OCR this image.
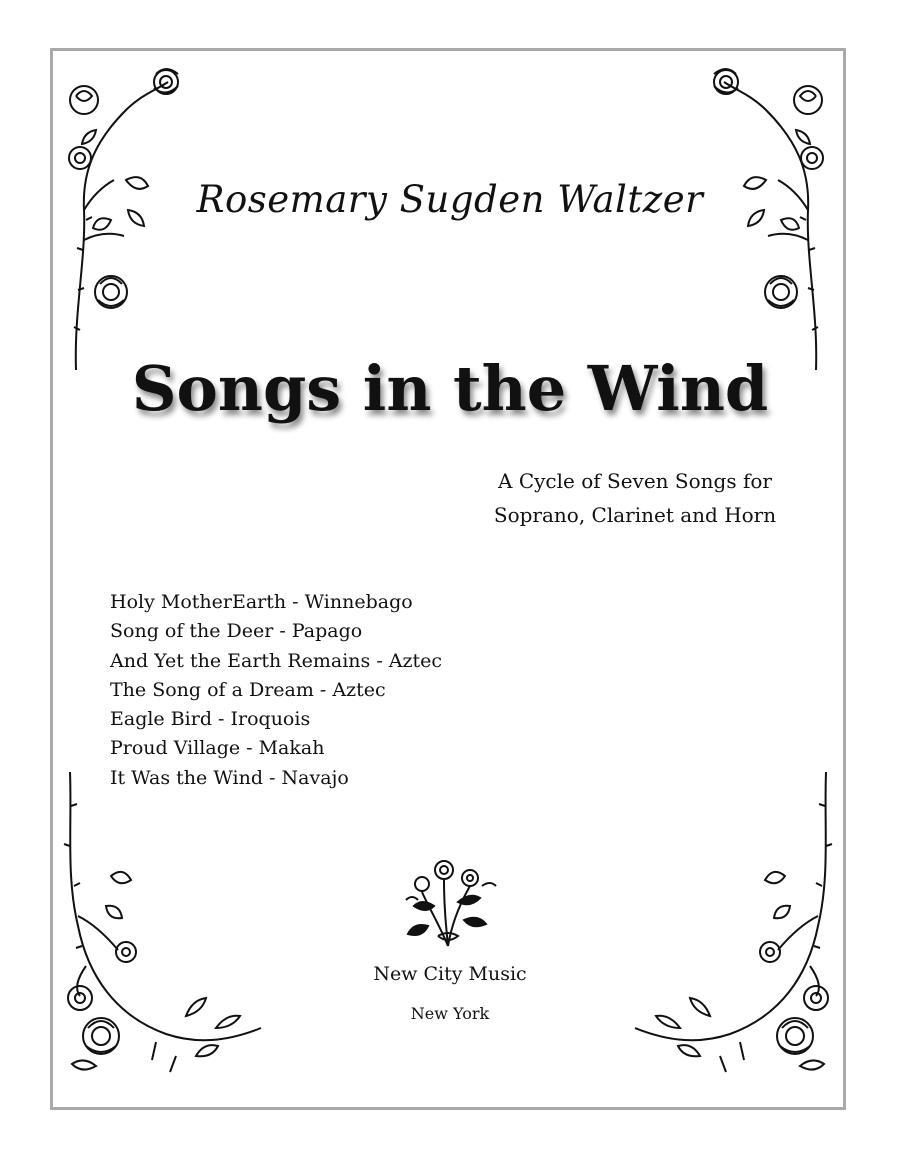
Rosemary Sugden Waltzer
Songs in the Wind
A Cycle of Seven Songs for
Soprano, Clarinet and Horn
Holy MotherEarth - Winnebago
Song of the Deer - Papago
And Yet the Earth Remains - Aztec
The Song of a Dream - Aztec
Eagle Bird - Iroquois
Proud Village - Makah
It Was the Wind - Navajo
New City Music
New York
